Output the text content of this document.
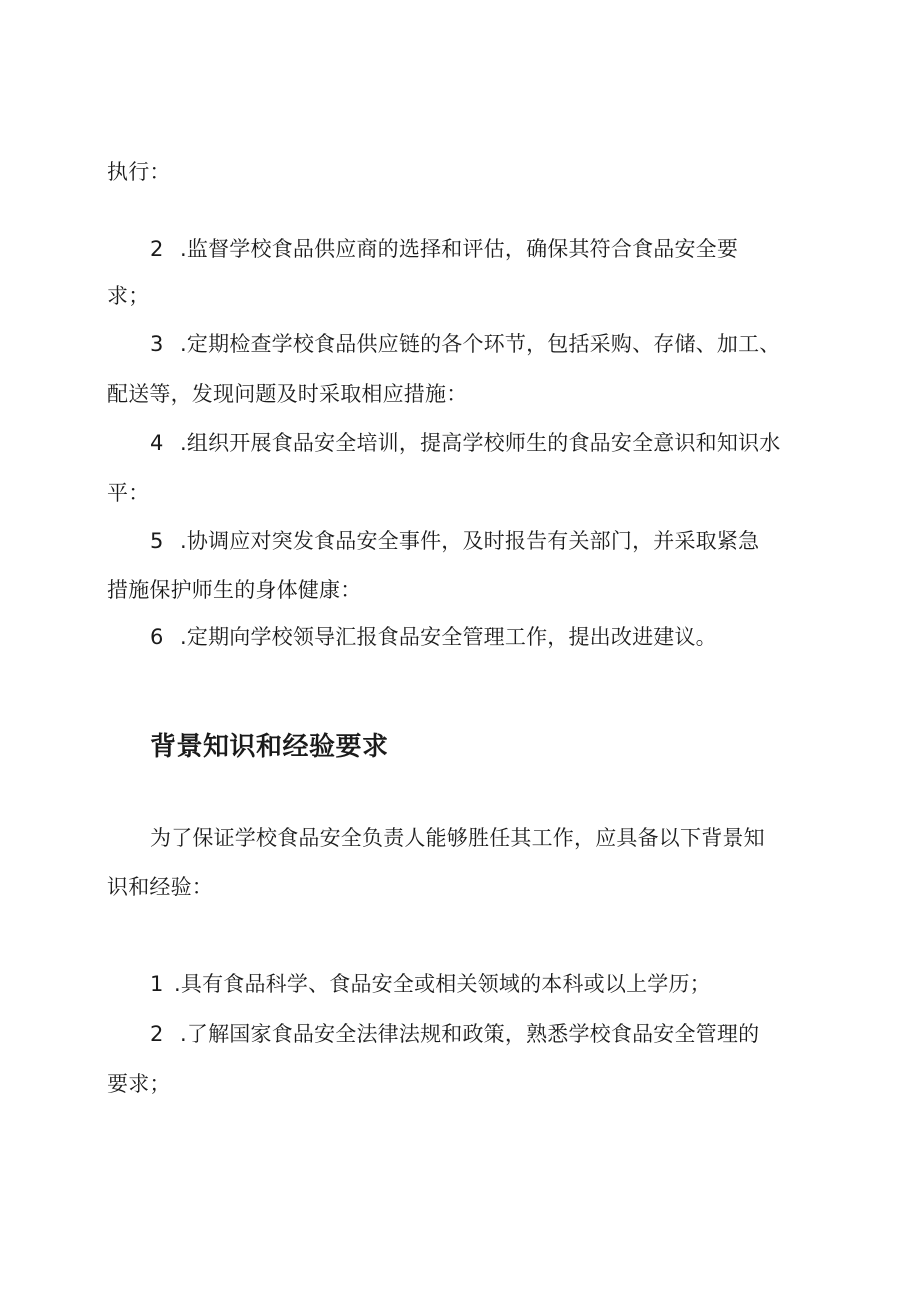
执行：
2 .监督学校食品供应商的选择和评估，确保其符合食品安全要
求；
3 .定期检查学校食品供应链的各个环节，包括采购、存储、加工、
配送等，发现问题及时采取相应措施：
4 .组织开展食品安全培训，提高学校师生的食品安全意识和知识水
平：
5 .协调应对突发食品安全事件，及时报告有关部门，并采取紧急
措施保护师生的身体健康：
6 .定期向学校领导汇报食品安全管理工作，提出改进建议。
背景知识和经验要求
为了保证学校食品安全负责人能够胜任其工作，应具备以下背景知
识和经验：
1 .具有食品科学、食品安全或相关领域的本科或以上学历；
2 .了解国家食品安全法律法规和政策，熟悉学校食品安全管理的
要求；
